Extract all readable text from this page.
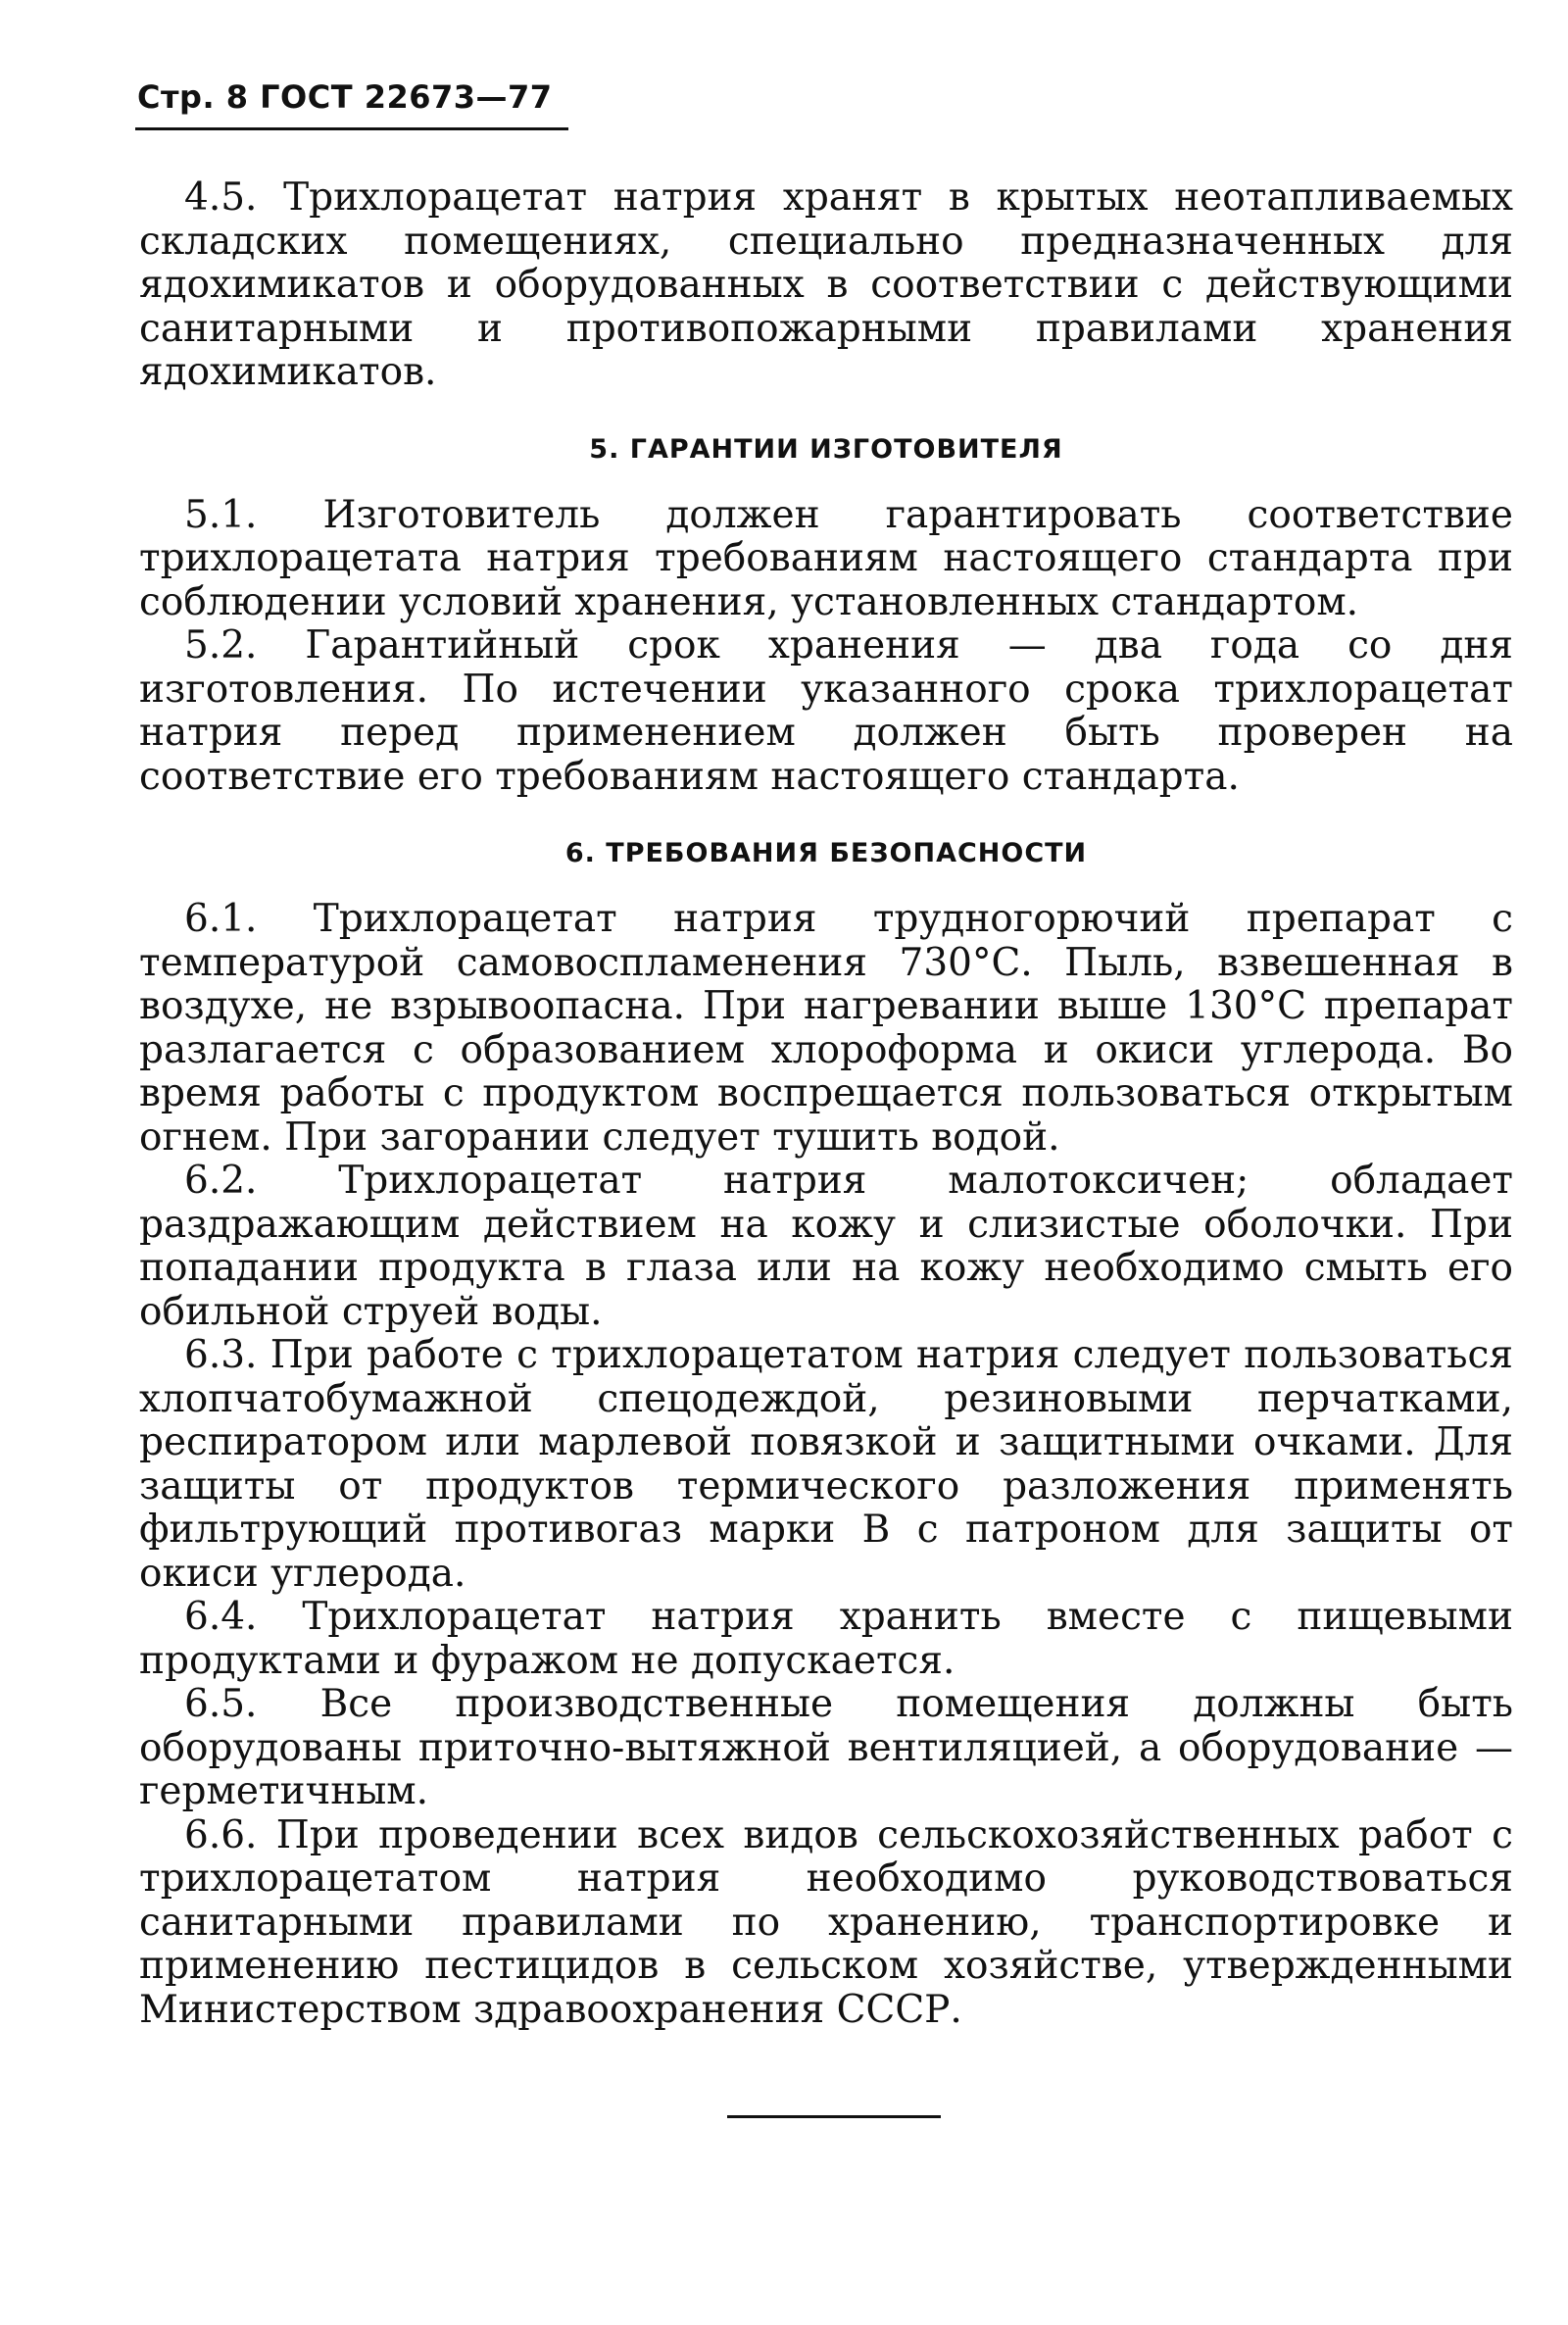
Стр. 8 ГОСТ 22673—77

4.5. Трихлорацетат натрия хранят в крытых неотапливаемых складских помещениях, специально предназначенных для ядохимикатов и оборудованных в соответствии с действующими санитарными и противопожарными правилами хранения ядохимикатов.

5. ГАРАНТИИ ИЗГОТОВИТЕЛЯ

5.1. Изготовитель должен гарантировать соответствие трихлорацетата натрия требованиям настоящего стандарта при соблюдении условий хранения, установленных стандартом.

5.2. Гарантийный срок хранения — два года со дня изготовления. По истечении указанного срока трихлорацетат натрия перед применением должен быть проверен на соответствие его требованиям настоящего стандарта.

6. ТРЕБОВАНИЯ БЕЗОПАСНОСТИ

6.1. Трихлорацетат натрия трудногорючий препарат с температурой самовоспламенения 730°С. Пыль, взвешенная в воздухе, не взрывоопасна. При нагревании выше 130°С препарат разлагается с образованием хлороформа и окиси углерода. Во время работы с продуктом воспрещается пользоваться открытым огнем. При загорании следует тушить водой.

6.2. Трихлорацетат натрия малотоксичен; обладает раздражающим действием на кожу и слизистые оболочки. При попадании продукта в глаза или на кожу необходимо смыть его обильной струей воды.

6.3. При работе с трихлорацетатом натрия следует пользоваться хлопчатобумажной спецодеждой, резиновыми перчатками, респиратором или марлевой повязкой и защитными очками. Для защиты от продуктов термического разложения применять фильтрующий противогаз марки В с патроном для защиты от окиси углерода.

6.4. Трихлорацетат натрия хранить вместе с пищевыми продуктами и фуражом не допускается.

6.5. Все производственные помещения должны быть оборудованы приточно-вытяжной вентиляцией, а оборудование — герметичным.

6.6. При проведении всех видов сельскохозяйственных работ с трихлорацетатом натрия необходимо руководствоваться санитарными правилами по хранению, транспортировке и применению пестицидов в сельском хозяйстве, утвержденными Министерством здравоохранения СССР.
